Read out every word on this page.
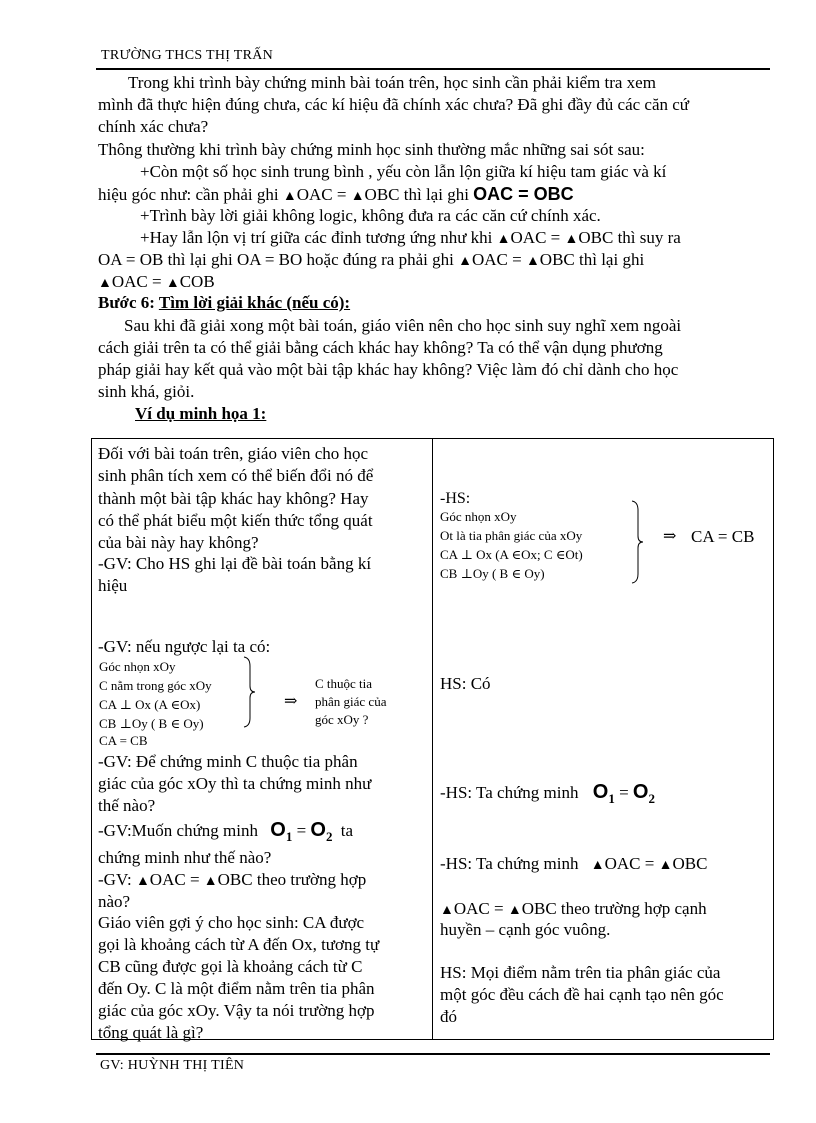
TRƯỜNG THCS THỊ TRẤN
Trong khi trình bày chứng minh bài toán trên, học sinh cần phải kiểm tra xem
mình đã thực hiện đúng chưa, các kí hiệu đã chính xác chưa? Đã ghi đầy đủ các căn cứ
chính xác chưa?
Thông thường khi trình bày chứng minh học sinh thường mắc những sai sót sau:
+Còn một số học sinh trung bình , yếu còn lẫn lộn giữa kí hiệu tam giác và kí
hiệu góc như: cần phải ghi ▲OAC = ▲OBC thì lại ghi OAC = OBC
+Trình bày lời giải không logic, không đưa ra các căn cứ chính xác.
+Hay lẫn lộn vị trí giữa các đỉnh tương ứng như khi ▲OAC = ▲OBC thì suy ra
OA = OB thì lại ghi OA = BO hoặc đúng ra phải ghi ▲OAC = ▲OBC thì lại ghi
▲OAC = ▲COB
Bước 6: Tìm lời giải khác (nếu có):
Sau khi đã giải xong một bài toán, giáo viên nên cho học sinh suy nghĩ xem ngoài
cách giải trên ta có thể giải bằng cách khác hay không? Ta có thể vận dụng phương
pháp giải hay kết quả vào một bài tập khác hay không? Việc làm đó chỉ dành cho học
sinh khá, giỏi.
Ví dụ minh họa 1:
Đối với bài toán trên, giáo viên cho học
sinh phân tích xem có thể biến đổi nó để
thành một bài tập khác hay không? Hay
có thể phát biểu một kiến thức tổng quát
của bài này hay không?
-GV: Cho HS ghi lại đề bài toán bằng kí
hiệu
-GV: nếu ngược lại ta có:
Góc nhọn xOy
C nằm trong góc xOy
CA ⊥ Ox (A ∈Ox)
CB ⊥Oy ( B ∈ Oy)
CA = CB
⇒
C thuộc tia
phân giác của
góc xOy ?
-GV: Để chứng minh C thuộc tia phân
giác của góc xOy thì ta chứng minh như
thế nào?
-GV:Muốn chứng minh $O_1 = O_2$ ta
chứng minh như thế nào?
-GV: ▲OAC = ▲OBC theo trường hợp
nào?
Giáo viên gợi ý cho học sinh: CA được
gọi là khoảng cách từ A đến Ox, tương tự
CB cũng được gọi là khoảng cách từ C
đến Oy. C là một điểm nằm trên tia phân
giác của góc xOy. Vậy ta nói trường hợp
tổng quát là gì?
-HS:
Góc nhọn xOy
Ot là tia phân giác của xOy
CA ⊥ Ox (A ∈Ox; C ∈Ot)
CB ⊥Oy ( B ∈ Oy)
⇒ CA = CB
HS: Có
-HS: Ta chứng minh $O_1 = O_2$
-HS: Ta chứng minh ▲OAC = ▲OBC
▲OAC = ▲OBC theo trường hợp cạnh
huyền – cạnh góc vuông.
HS: Mọi điểm nằm trên tia phân giác của
một góc đều cách đề hai cạnh tạo nên góc
đó
GV: HUỲNH THỊ TIÊN
